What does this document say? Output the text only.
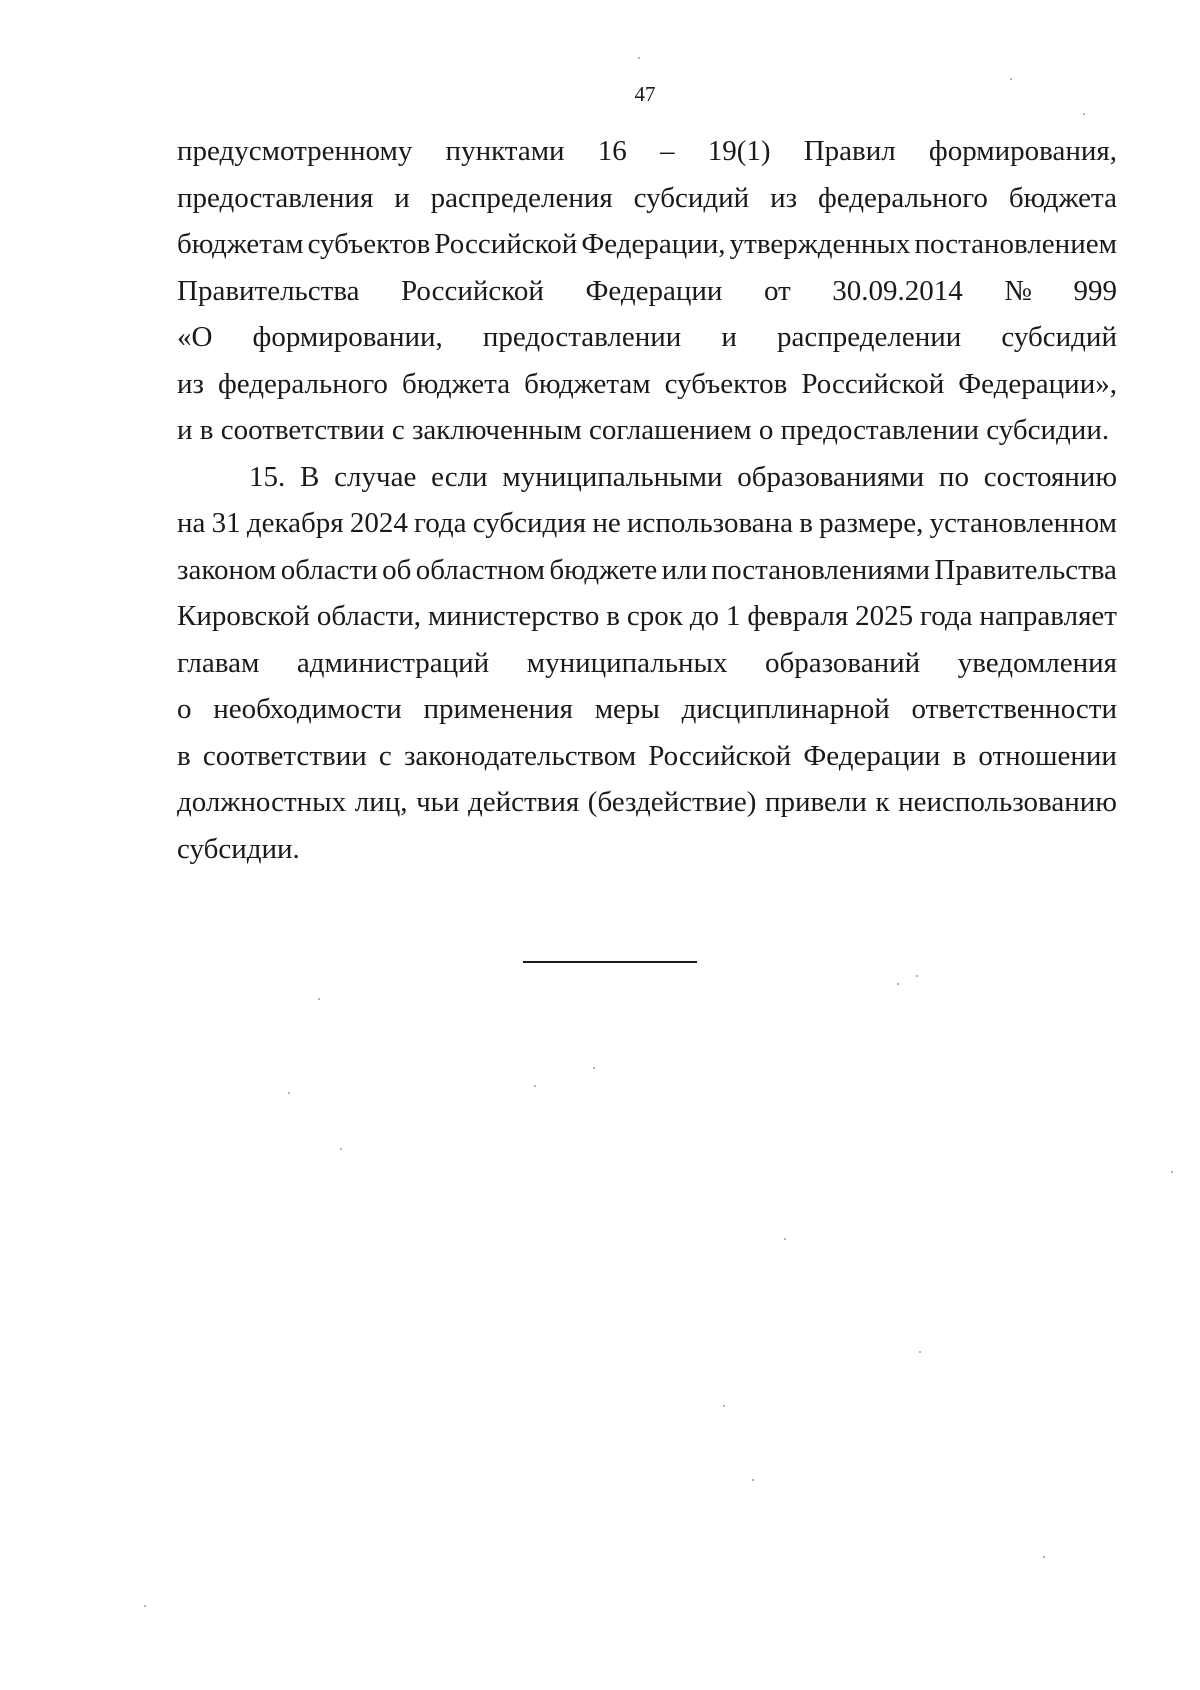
47
предусмотренному пунктами 16 – 19(1) Правил формирования,
предоставления и распределения субсидий из федерального бюджета
бюджетам субъектов Российской Федерации, утвержденных постановлением
Правительства Российской Федерации от 30.09.2014 № 999
«О формировании, предоставлении и распределении субсидий
из федерального бюджета бюджетам субъектов Российской Федерации»,
и в соответствии с заключенным соглашением о предоставлении субсидии.
15. В случае если муниципальными образованиями по состоянию
на 31 декабря 2024 года субсидия не использована в размере, установленном
законом области об областном бюджете или постановлениями Правительства
Кировской области, министерство в срок до 1 февраля 2025 года направляет
главам администраций муниципальных образований уведомления
о необходимости применения меры дисциплинарной ответственности
в соответствии с законодательством Российской Федерации в отношении
должностных лиц, чьи действия (бездействие) привели к неиспользованию
субсидии.
